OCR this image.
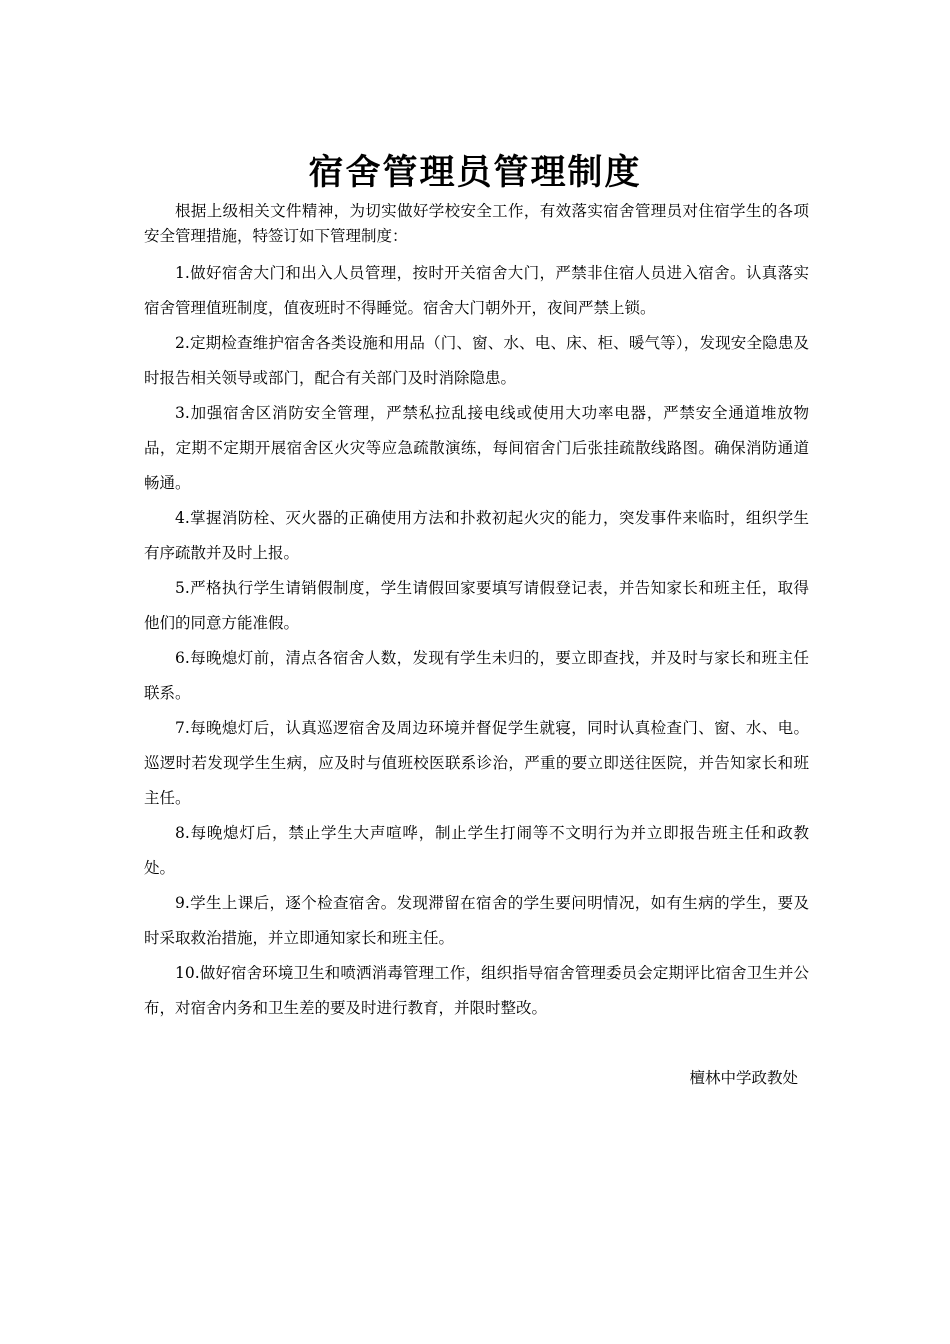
宿舍管理员管理制度

根据上级相关文件精神，为切实做好学校安全工作，有效落实宿舍管理员对住宿学生的各项安全管理措施，特签订如下管理制度：

1.做好宿舍大门和出入人员管理，按时开关宿舍大门，严禁非住宿人员进入宿舍。认真落实宿舍管理值班制度，值夜班时不得睡觉。宿舍大门朝外开，夜间严禁上锁。
2.定期检查维护宿舍各类设施和用品（门、窗、水、电、床、柜、暖气等），发现安全隐患及时报告相关领导或部门，配合有关部门及时消除隐患。
3.加强宿舍区消防安全管理，严禁私拉乱接电线或使用大功率电器，严禁安全通道堆放物品，定期不定期开展宿舍区火灾等应急疏散演练，每间宿舍门后张挂疏散线路图。确保消防通道畅通。
4.掌握消防栓、灭火器的正确使用方法和扑救初起火灾的能力，突发事件来临时，组织学生有序疏散并及时上报。
5.严格执行学生请销假制度，学生请假回家要填写请假登记表，并告知家长和班主任，取得他们的同意方能准假。
6.每晚熄灯前，清点各宿舍人数，发现有学生未归的，要立即查找，并及时与家长和班主任联系。
7.每晚熄灯后，认真巡逻宿舍及周边环境并督促学生就寝，同时认真检查门、窗、水、电。巡逻时若发现学生生病，应及时与值班校医联系诊治，严重的要立即送往医院，并告知家长和班主任。
8.每晚熄灯后，禁止学生大声喧哗，制止学生打闹等不文明行为并立即报告班主任和政教处。
9.学生上课后，逐个检查宿舍。发现滞留在宿舍的学生要问明情况，如有生病的学生，要及时采取救治措施，并立即通知家长和班主任。
10.做好宿舍环境卫生和喷洒消毒管理工作，组织指导宿舍管理委员会定期评比宿舍卫生并公布，对宿舍内务和卫生差的要及时进行教育，并限时整改。

檀林中学政教处
